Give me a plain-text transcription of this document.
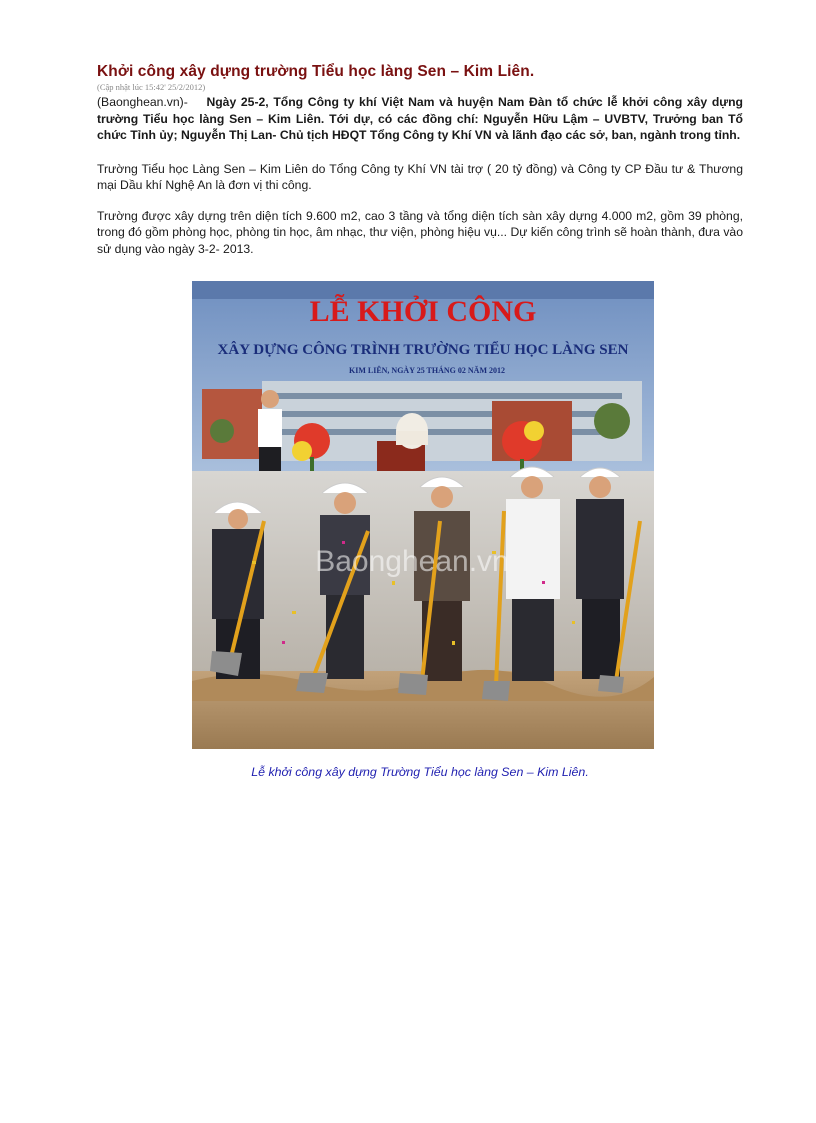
Khởi công xây dựng trường Tiểu học làng Sen – Kim Liên.

(Cập nhật lúc 15:42' 25/2/2012)

(Baonghean.vn)- Ngày 25-2, Tổng Công ty khí Việt Nam và huyện Nam Đàn tổ chức lễ khởi công xây dựng trường Tiểu học làng Sen – Kim Liên. Tới dự, có các đồng chí: Nguyễn Hữu Lậm – UVBTV, Trưởng ban Tổ chức Tỉnh ủy; Nguyễn Thị Lan- Chủ tịch HĐQT Tổng Công ty Khí VN và lãnh đạo các sở, ban, ngành trong tỉnh.

Trường Tiểu học Làng Sen – Kim Liên do Tổng Công ty Khí VN tài trợ ( 20 tỷ đồng) và Công ty CP Đầu tư & Thương mại Dầu khí Nghệ An là đơn vị thi công.

Trường được xây dựng trên diện tích 9.600 m2, cao 3 tầng và tổng diện tích sàn xây dựng 4.000 m2, gồm 39 phòng, trong đó gồm phòng học, phòng tin học, âm nhạc, thư viện, phòng hiệu vụ... Dự kiến công trình sẽ hoàn thành, đưa vào sử dụng vào ngày 3-2- 2013.

LỄ KHỞI CÔNG
XÂY DỰNG CÔNG TRÌNH TRƯỜNG TIỂU HỌC LÀNG SEN
KIM LIÊN, NGÀY 25 THÁNG 02 NĂM 2012
Baonghean.vn
Lễ khởi công xây dựng Trường Tiểu học làng Sen – Kim Liên.
